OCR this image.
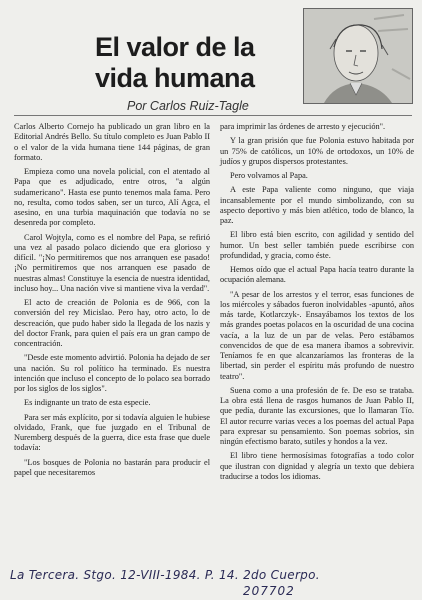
El valor de la
vida humana
Por Carlos Ruiz-Tagle

Carlos Alberto Cornejo ha publicado un gran libro en la Editorial Andrés Bello. Su título completo es Juan Pablo II o el valor de la vida humana tiene 144 páginas, de gran formato.

Empieza como una novela policial, con el atentado al Papa que es adjudicado, entre otros, "a algún sudamericano". Hasta ese punto tenemos mala fama. Pero no, resulta, como todos saben, ser un turco, Alí Agca, el asesino, en una turbia maquinación que todavía no se desenreda por completo.

Carol Wojtyla, como es el nombre del Papa, se refirió una vez al pasado polaco diciendo que era glorioso y difícil. "¡No permitiremos que nos arranquen ese pasado! ¡No permitiremos que nos arranquen ese pasado de nuestras almas! Constituye la esencia de nuestra identidad, incluso hoy... Una nación vive si mantiene viva la verdad".

El acto de creación de Polonia es de 966, con la conversión del rey Micislao. Pero hay, otro acto, lo de descreación, que pudo haber sido la llegada de los nazis y del doctor Frank, para quien el país era un gran campo de concentración.

"Desde este momento advirtió. Polonia ha dejado de ser una nación. Su rol político ha terminado. Es nuestra intención que incluso el concepto de lo polaco sea borrado por los siglos de los siglos".

Es indignante un trato de esta especie.

Para ser más explícito, por si todavía alguien le hubiese olvidado, Frank, que fue juzgado en el Tribunal de Nuremberg después de la guerra, dice esta frase que duele todavía:

"Los bosques de Polonia no bastarán para producir el papel que necesitaremos

para imprimir las órdenes de arresto y ejecución".

Y la gran prisión que fue Polonia estuvo habitada por un 75% de católicos, un 10% de ortodoxos, un 10% de judíos y grupos dispersos protestantes.

Pero volvamos al Papa.

A este Papa valiente como ninguno, que viaja incansablemente por el mundo simbolizando, con su aspecto deportivo y más bien atlético, todo de blanco, la paz.

El libro está bien escrito, con agilidad y sentido del humor. Un best seller también puede escribirse con profundidad, y gracia, como éste.

Hemos oído que el actual Papa hacía teatro durante la ocupación alemana.

"A pesar de los arrestos y el terror, esas funciones de los miércoles y sábados fueron inolvidables -apuntó, años más tarde, Kotlarczyk-. Ensayábamos los textos de los más grandes poetas polacos en la oscuridad de una cocina vacía, a la luz de un par de velas. Pero estábamos convencidos de que de esa manera íbamos a sobrevivir. Teníamos fe en que alcanzaríamos las fronteras de la libertad, sin perder el espíritu más profundo de nuestro teatro".

Suena como a una profesión de fe. De eso se trataba. La obra está llena de rasgos humanos de Juan Pablo II, que pedía, durante las excursiones, que lo llamaran Tío. El autor recurre varias veces a los poemas del actual Papa para expresar su pensamiento. Son poemas sobrios, sin ningún efectismo barato, sutiles y hondos a la vez.

El libro tiene hermosísimas fotografías a todo color que ilustran con dignidad y alegría un texto que debiera traducirse a todos los idiomas.

La Tercera. Stgo. 12-VIII-1984. P. 14. 2do Cuerpo.
207702
